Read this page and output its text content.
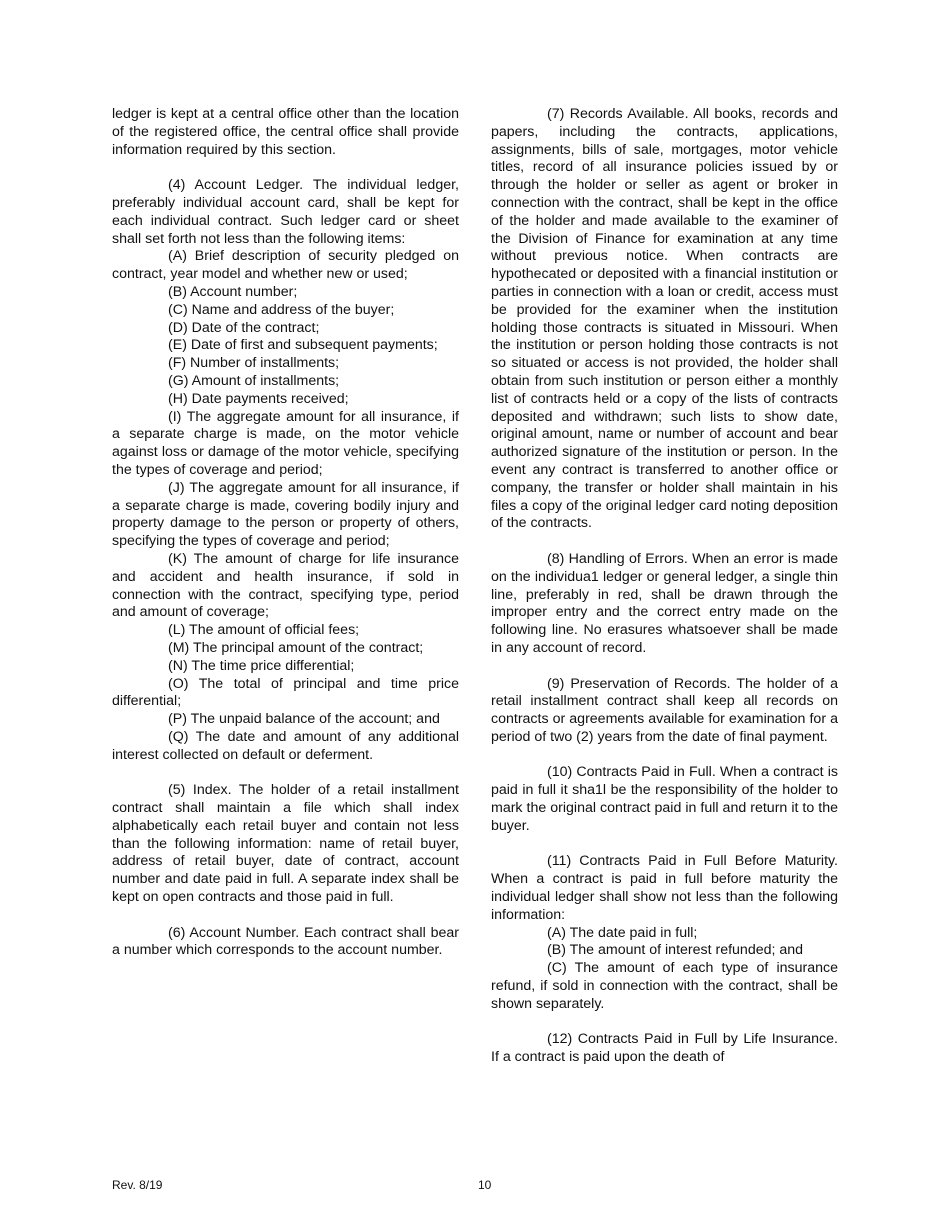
ledger is kept at a central office other than the location of the registered office, the central office shall provide information required by this section.

(4) Account Ledger. The individual ledger, preferably individual account card, shall be kept for each individual contract. Such ledger card or sheet shall set forth not less than the following items:

(A) Brief description of security pledged on contract, year model and whether new or used;

(B) Account number;

(C) Name and address of the buyer;

(D) Date of the contract;

(E) Date of first and subsequent payments;

(F) Number of installments;

(G) Amount of installments;

(H) Date payments received;

(I) The aggregate amount for all insurance, if a separate charge is made, on the motor vehicle against loss or damage of the motor vehicle, specifying the types of coverage and period;

(J) The aggregate amount for all insurance, if a separate charge is made, covering bodily injury and property damage to the person or property of others, specifying the types of coverage and period;

(K) The amount of charge for life insurance and accident and health insurance, if sold in connection with the contract, specifying type, period and amount of coverage;

(L) The amount of official fees;

(M) The principal amount of the contract;

(N) The time price differential;

(O) The total of principal and time price differential;

(P) The unpaid balance of the account; and

(Q) The date and amount of any additional interest collected on default or deferment.

(5) Index. The holder of a retail installment contract shall maintain a file which shall index alphabetically each retail buyer and contain not less than the following information: name of retail buyer, address of retail buyer, date of contract, account number and date paid in full. A separate index shall be kept on open contracts and those paid in full.

(6) Account Number. Each contract shall bear a number which corresponds to the account number.

(7) Records Available. All books, records and papers, including the contracts, applications, assignments, bills of sale, mortgages, motor vehicle titles, record of all insurance policies issued by or through the holder or seller as agent or broker in connection with the contract, shall be kept in the office of the holder and made available to the examiner of the Division of Finance for examination at any time without previous notice. When contracts are hypothecated or deposited with a financial institution or parties in connection with a loan or credit, access must be provided for the examiner when the institution holding those contracts is situated in Missouri. When the institution or person holding those contracts is not so situated or access is not provided, the holder shall obtain from such institution or person either a monthly list of contracts held or a copy of the lists of contracts deposited and withdrawn; such lists to show date, original amount, name or number of account and bear authorized signature of the institution or person. In the event any contract is transferred to another office or company, the transfer or holder shall maintain in his files a copy of the original ledger card noting deposition of the contracts.

(8) Handling of Errors. When an error is made on the individua1 ledger or general ledger, a single thin line, preferably in red, shall be drawn through the improper entry and the correct entry made on the following line. No erasures whatsoever shall be made in any account of record.

(9) Preservation of Records. The holder of a retail installment contract shall keep all records on contracts or agreements available for examination for a period of two (2) years from the date of final payment.

(10) Contracts Paid in Full. When a contract is paid in full it sha1l be the responsibility of the holder to mark the original contract paid in full and return it to the buyer.

(11) Contracts Paid in Full Before Maturity. When a contract is paid in full before maturity the individual ledger shall show not less than the following information:

(A) The date paid in full;

(B) The amount of interest refunded; and

(C) The amount of each type of insurance refund, if sold in connection with the contract, shall be shown separately.

(12) Contracts Paid in Full by Life Insurance. If a contract is paid upon the death of

Rev. 8/19	10
